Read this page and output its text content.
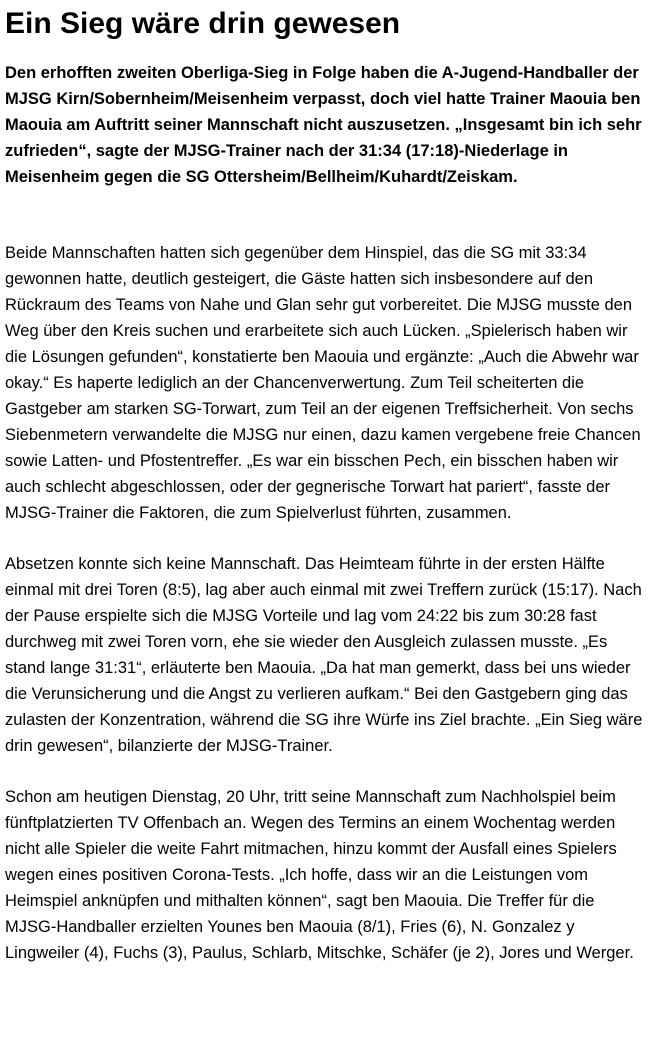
Ein Sieg wäre drin gewesen

Den erhofften zweiten Oberliga-Sieg in Folge haben die A-Jugend-Handballer der MJSG Kirn/Sobernheim/Meisenheim verpasst, doch viel hatte Trainer Maouia ben Maouia am Auftritt seiner Mannschaft nicht auszusetzen. „Insgesamt bin ich sehr zufrieden“, sagte der MJSG-Trainer nach der 31:34 (17:18)-Niederlage in Meisenheim gegen die SG Ottersheim/Bellheim/Kuhardt/Zeiskam.

Beide Mannschaften hatten sich gegenüber dem Hinspiel, das die SG mit 33:34 gewonnen hatte, deutlich gesteigert, die Gäste hatten sich insbesondere auf den Rückraum des Teams von Nahe und Glan sehr gut vorbereitet. Die MJSG musste den Weg über den Kreis suchen und erarbeitete sich auch Lücken. „Spielerisch haben wir die Lösungen gefunden“, konstatierte ben Maouia und ergänzte: „Auch die Abwehr war okay.“ Es haperte lediglich an der Chancenverwertung. Zum Teil scheiterten die Gastgeber am starken SG-Torwart, zum Teil an der eigenen Treffsicherheit. Von sechs Siebenmetern verwandelte die MJSG nur einen, dazu kamen vergebene freie Chancen sowie Latten- und Pfostentreffer. „Es war ein bisschen Pech, ein bisschen haben wir auch schlecht abgeschlossen, oder der gegnerische Torwart hat pariert“, fasste der MJSG-Trainer die Faktoren, die zum Spielverlust führten, zusammen.

Absetzen konnte sich keine Mannschaft. Das Heimteam führte in der ersten Hälfte einmal mit drei Toren (8:5), lag aber auch einmal mit zwei Treffern zurück (15:17). Nach der Pause erspielte sich die MJSG Vorteile und lag vom 24:22 bis zum 30:28 fast durchweg mit zwei Toren vorn, ehe sie wieder den Ausgleich zulassen musste. „Es stand lange 31:31“, erläuterte ben Maouia. „Da hat man gemerkt, dass bei uns wieder die Verunsicherung und die Angst zu verlieren aufkam.“ Bei den Gastgebern ging das zulasten der Konzentration, während die SG ihre Würfe ins Ziel brachte. „Ein Sieg wäre drin gewesen“, bilanzierte der MJSG-Trainer.

Schon am heutigen Dienstag, 20 Uhr, tritt seine Mannschaft zum Nachholspiel beim fünftplatzierten TV Offenbach an. Wegen des Termins an einem Wochentag werden nicht alle Spieler die weite Fahrt mitmachen, hinzu kommt der Ausfall eines Spielers wegen eines positiven Corona-Tests. „Ich hoffe, dass wir an die Leistungen vom Heimspiel anknüpfen und mithalten können“, sagt ben Maouia. Die Treffer für die MJSG-Handballer erzielten Younes ben Maouia (8/1), Fries (6), N. Gonzalez y Lingweiler (4), Fuchs (3), Paulus, Schlarb, Mitschke, Schäfer (je 2), Jores und Werger.
